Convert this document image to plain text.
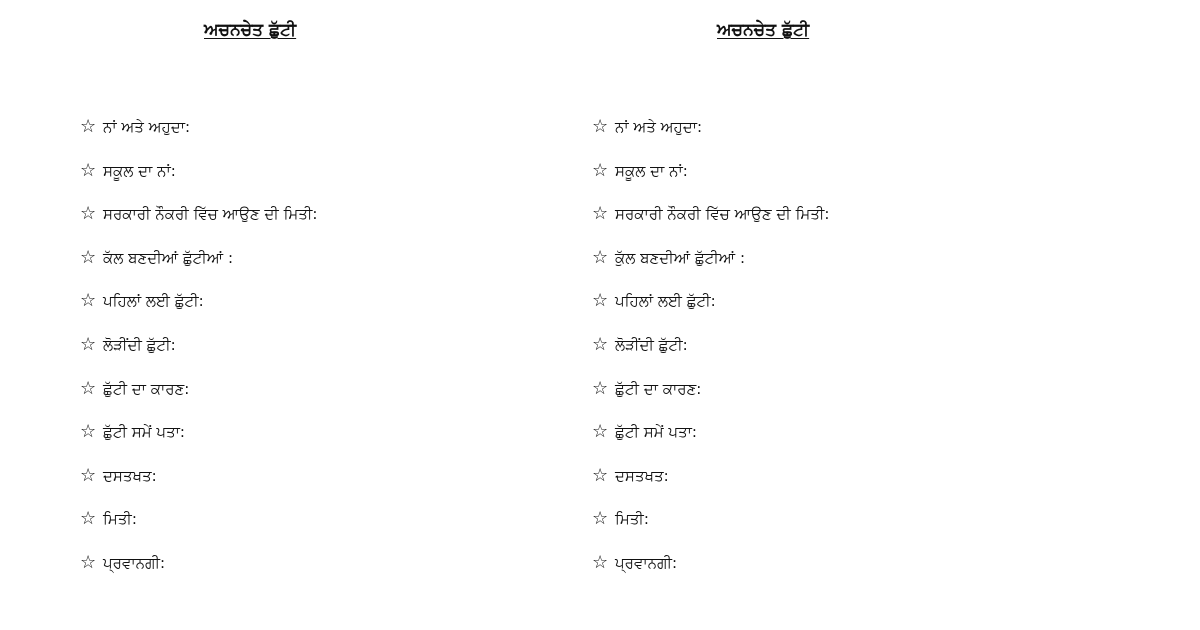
ਅਚਨਚੇਤ ਛੁੱਟੀ
☆ ਨਾਂ ਅਤੇ ਅਹੁਦਾ:
☆ ਸਕੂਲ ਦਾ ਨਾਂ:
☆ ਸਰਕਾਰੀ ਨੌਕਰੀ ਵਿੱਚ ਆਉਣ ਦੀ ਮਿਤੀ:
☆ ਕੱਲ ਬਣਦੀਆਂ ਛੁੱਟੀਆਂ :
☆ ਪਹਿਲਾਂ ਲਈ ਛੁੱਟੀ:
☆ ਲੋੜੀਂਦੀ ਛੁੱਟੀ:
☆ ਛੁੱਟੀ ਦਾ ਕਾਰਣ:
☆ ਛੁੱਟੀ ਸਮੇਂ ਪਤਾ:
☆ ਦਸਤਖਤ:
☆ ਮਿਤੀ:
☆ ਪ੍ਰਵਾਨਗੀ:
ਅਚਨਚੇਤ ਛੁੱਟੀ
☆ ਨਾਂ ਅਤੇ ਅਹੁਦਾ:
☆ ਸਕੂਲ ਦਾ ਨਾਂ:
☆ ਸਰਕਾਰੀ ਨੌਕਰੀ ਵਿੱਚ ਆਉਣ ਦੀ ਮਿਤੀ:
☆ ਕੁੱਲ ਬਣਦੀਆਂ ਛੁੱਟੀਆਂ :
☆ ਪਹਿਲਾਂ ਲਈ ਛੁੱਟੀ:
☆ ਲੋੜੀਂਦੀ ਛੁੱਟੀ:
☆ ਛੁੱਟੀ ਦਾ ਕਾਰਣ:
☆ ਛੁੱਟੀ ਸਮੇਂ ਪਤਾ:
☆ ਦਸਤਖਤ:
☆ ਮਿਤੀ:
☆ ਪ੍ਰਵਾਨਗੀ:
